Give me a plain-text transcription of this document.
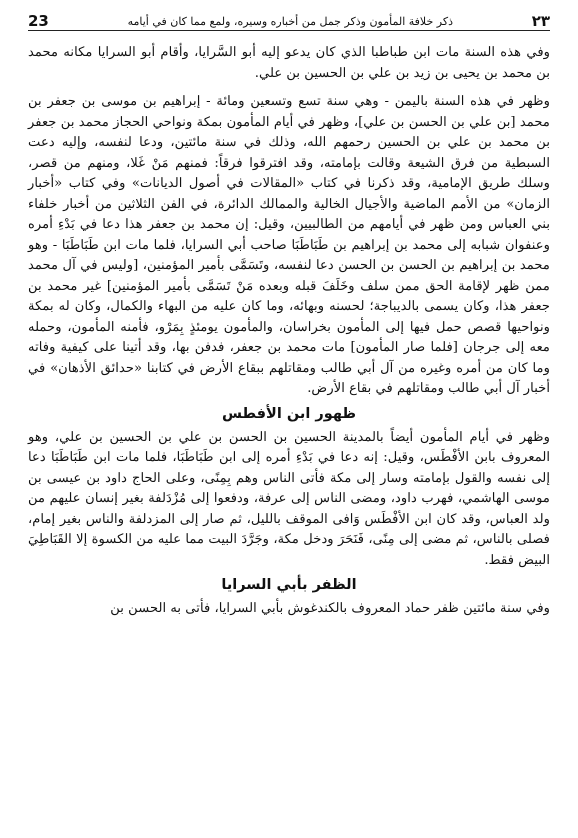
23	ذكر خلافة المأمون وذكر جمل من أخباره وسيره، ولمع مما كان في أيامه	٢٣

وفي هذه السنة مات ابن طباطبا الذي كان يدعو إليه أبو السَّرايا، وأقام أبو السرايا مكانه محمد بن محمد بن يحيى بن زيد بن علي بن الحسين بن علي.

وظهر في هذه السنة باليمن - وهي سنة تسع وتسعين ومائة - إبراهيم بن موسى بن جعفر بن محمد [بن علي بن الحسن بن علي]، وظهر في أيام المأمون بمكة ونواحي الحجاز محمد بن جعفر بن محمد بن علي بن الحسين رحمهم الله، وذلك في سنة مائتين، ودعا لنفسه، وإليه دعت السبطية من فرق الشيعة وقالت بإمامته، وقد افترقوا فرقاً: فمنهم مَنْ غَلا، ومنهم من قصر، وسلك طريق الإمامية، وقد ذكرنا في كتاب «المقالات في أصول الديانات» وفي كتاب «أخبار الزمان» من الأمم الماضية والأجيال الخالية والممالك الدائرة، في الفن الثلاثين من أخبار خلفاء بني العباس ومن ظهر في أيامهم من الطالبيين، وقيل: إن محمد بن جعفر هذا دعا في بَدْءِ أمره وعنفوان شبابه إلى محمد بن إبراهيم بن طَبَاطَبَا صاحب أبي السرايا، فلما مات ابن طَبَاطَبَا - وهو محمد بن إبراهيم بن الحسن بن الحسن دعا لنفسه، وتَسَمَّى بأمير المؤمنين، [وليس في آل محمد ممن ظهر لإقامة الحق ممن سلف وخَلَفَ قبله وبعده مَنْ تَسَمَّى بأمير المؤمنين] غير محمد بن جعفر هذا، وكان يسمى بالديباجة؛ لحسنه وبهائه، وما كان عليه من البهاء والكمال، وكان له بمكة ونواحيها قصص حمل فيها إلى المأمون بخراسان، والمأمون يومئذٍ بِمَرْو، فأمنه المأمون، وحمله معه إلى جرجان [فلما صار المأمون] مات محمد بن جعفر، فدفن بها، وقد أتينا على كيفية وفاته وما كان من أمره وغيره من آل أبي طالب ومقاتلهم ببقاع الأرض في كتابنا «حدائق الأذهان» في أخبار آل أبي طالب ومقاتلهم في بقاع الأرض.

ظهور ابن الأفطس

وظهر في أيام المأمون أيضاً بالمدينة الحسين بن الحسن بن علي بن الحسين بن علي، وهو المعروف بابن الأفْطَس، وقيل: إنه دعا في بَدْءِ أمره إلى ابن طَبَاطَبَا، فلما مات ابن طَبَاطَبَا دعا إلى نفسه والقول بإمامته وسار إلى مكة فأتى الناس وهم بِمِنًى، وعلى الحاج داود بن عيسى بن موسى الهاشمي، فهرب داود، ومضى الناس إلى عرفة، ودفعوا إلى مُزْدَلفة بغير إنسان عليهم من ولد العباس، وقد كان ابن الأفْطَس وَافى الموقف بالليل، ثم صار إلى المزدلفة والناس بغير إمام، فصلى بالناس، ثم مضى إلى مِنًى، فَنَحَرَ ودخل مكة، وجَرَّدَ البيت مما عليه من الكسوة إلا القَبَاطِيَ البيض فقط.

الظفر بأبي السرايا

وفي سنة مائتين ظفر حماد المعروف بالكندغوش بأبي السرايا، فأتى به الحسن بن
